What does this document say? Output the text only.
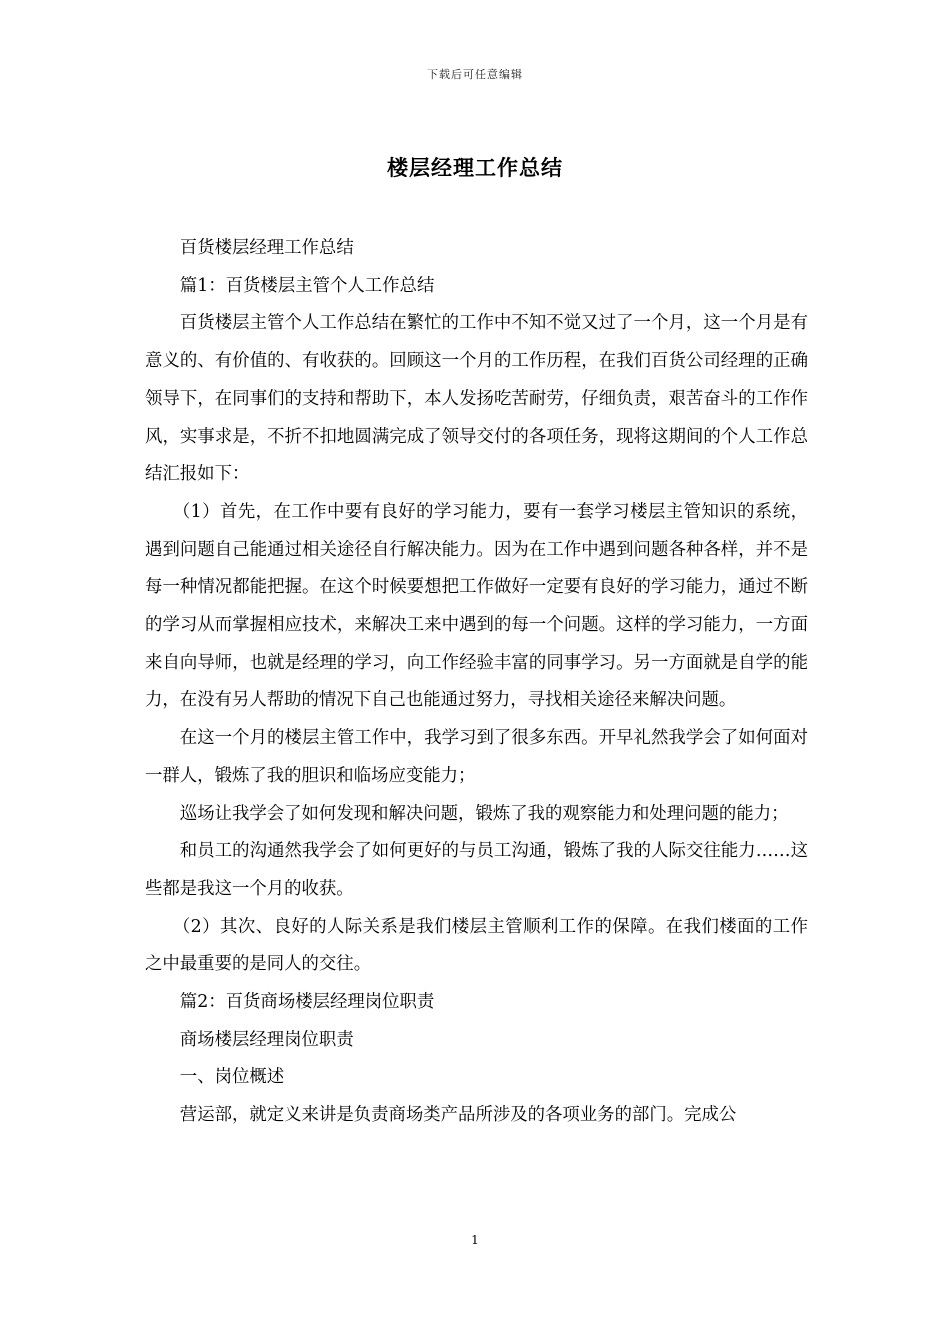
下载后可任意编辑
楼层经理工作总结

百货楼层经理工作总结

篇1：百货楼层主管个人工作总结

百货楼层主管个人工作总结在繁忙的工作中不知不觉又过了一个月，这一个月是有意义的、有价值的、有收获的。回顾这一个月的工作历程，在我们百货公司经理的正确领导下，在同事们的支持和帮助下，本人发扬吃苦耐劳，仔细负责，艰苦奋斗的工作作风，实事求是，不折不扣地圆满完成了领导交付的各项任务，现将这期间的个人工作总结汇报如下：

（1）首先，在工作中要有良好的学习能力，要有一套学习楼层主管知识的系统，遇到问题自己能通过相关途径自行解决能力。因为在工作中遇到问题各种各样，并不是每一种情况都能把握。在这个时候要想把工作做好一定要有良好的学习能力，通过不断的学习从而掌握相应技术，来解决工来中遇到的每一个问题。这样的学习能力，一方面来自向导师，也就是经理的学习，向工作经验丰富的同事学习。另一方面就是自学的能力，在没有另人帮助的情况下自己也能通过努力，寻找相关途径来解决问题。

在这一个月的楼层主管工作中，我学习到了很多东西。开早礼然我学会了如何面对一群人，锻炼了我的胆识和临场应变能力；

巡场让我学会了如何发现和解决问题，锻炼了我的观察能力和处理问题的能力；

和员工的沟通然我学会了如何更好的与员工沟通，锻炼了我的人际交往能力……这些都是我这一个月的收获。

（2）其次、良好的人际关系是我们楼层主管顺利工作的保障。在我们楼面的工作之中最重要的是同人的交往。

篇2：百货商场楼层经理岗位职责

商场楼层经理岗位职责

一、岗位概述

营运部，就定义来讲是负责商场类产品所涉及的各项业务的部门。完成公

1
